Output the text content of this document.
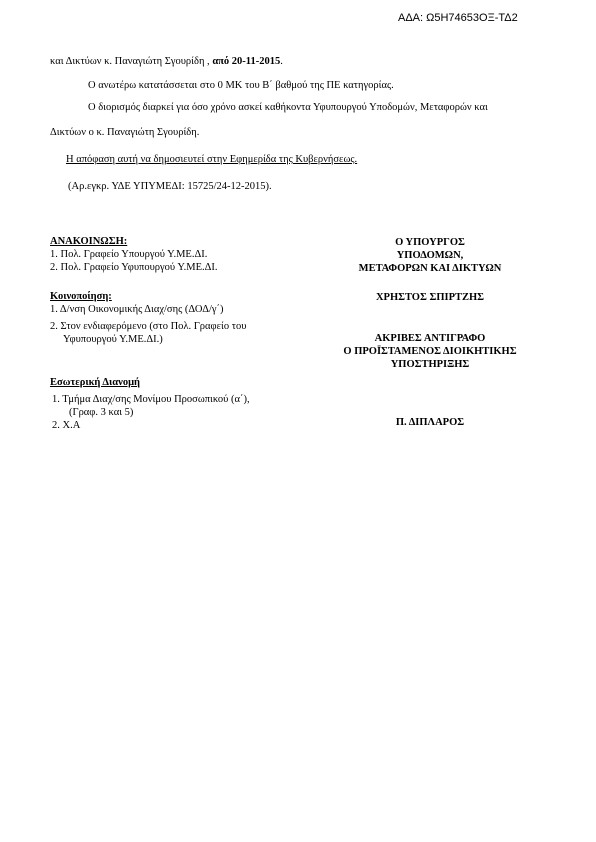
ΑΔΑ: Ω5Η74653ΟΞ-ΤΔ2
και Δικτύων κ. Παναγιώτη Σγουρίδη , από 20-11-2015.
Ο ανωτέρω κατατάσσεται στο 0 ΜΚ του Β΄ βαθμού της ΠΕ κατηγορίας.
Ο διορισμός διαρκεί για όσο χρόνο ασκεί καθήκοντα Υφυπουργού Υποδομών, Μεταφορών και
Δικτύων ο κ. Παναγιώτη Σγουρίδη.
Η απόφαση αυτή να δημοσιευτεί στην Εφημερίδα της Κυβερνήσεως.
(Αρ.εγκρ. ΥΔΕ ΥΠΥΜΕΔΙ: 15725/24-12-2015).
ΑΝΑΚΟΙΝΩΣΗ:
1. Πολ. Γραφείο Υπουργού Υ.ΜΕ.ΔΙ.
2. Πολ. Γραφείο Υφυπουργού Υ.ΜΕ.ΔΙ.
Κοινοποίηση:
1. Δ/νση Οικονομικής Διαχ/σης (ΔΟΔ/γ΄)
2. Στον ενδιαφερόμενο (στο Πολ. Γραφείο του
Υφυπουργού Υ.ΜΕ.ΔΙ.)
Εσωτερική Διανομή
1. Τμήμα Διαχ/σης Μονίμου Προσωπικού (α΄),
(Γραφ. 3 και 5)
2. Χ.Α
Ο ΥΠΟΥΡΓΟΣ
ΥΠΟΔΟΜΩΝ,
ΜΕΤΑΦΟΡΩΝ ΚΑΙ ΔΙΚΤΥΩΝ
ΧΡΗΣΤΟΣ ΣΠΙΡΤΖΗΣ
ΑΚΡΙΒΕΣ ΑΝΤΙΓΡΑΦΟ
Ο ΠΡΟΪΣΤΑΜΕΝΟΣ ΔΙΟΙΚΗΤΙΚΗΣ
ΥΠΟΣΤΗΡΙΞΗΣ
Π. ΔΙΠΛΑΡΟΣ
